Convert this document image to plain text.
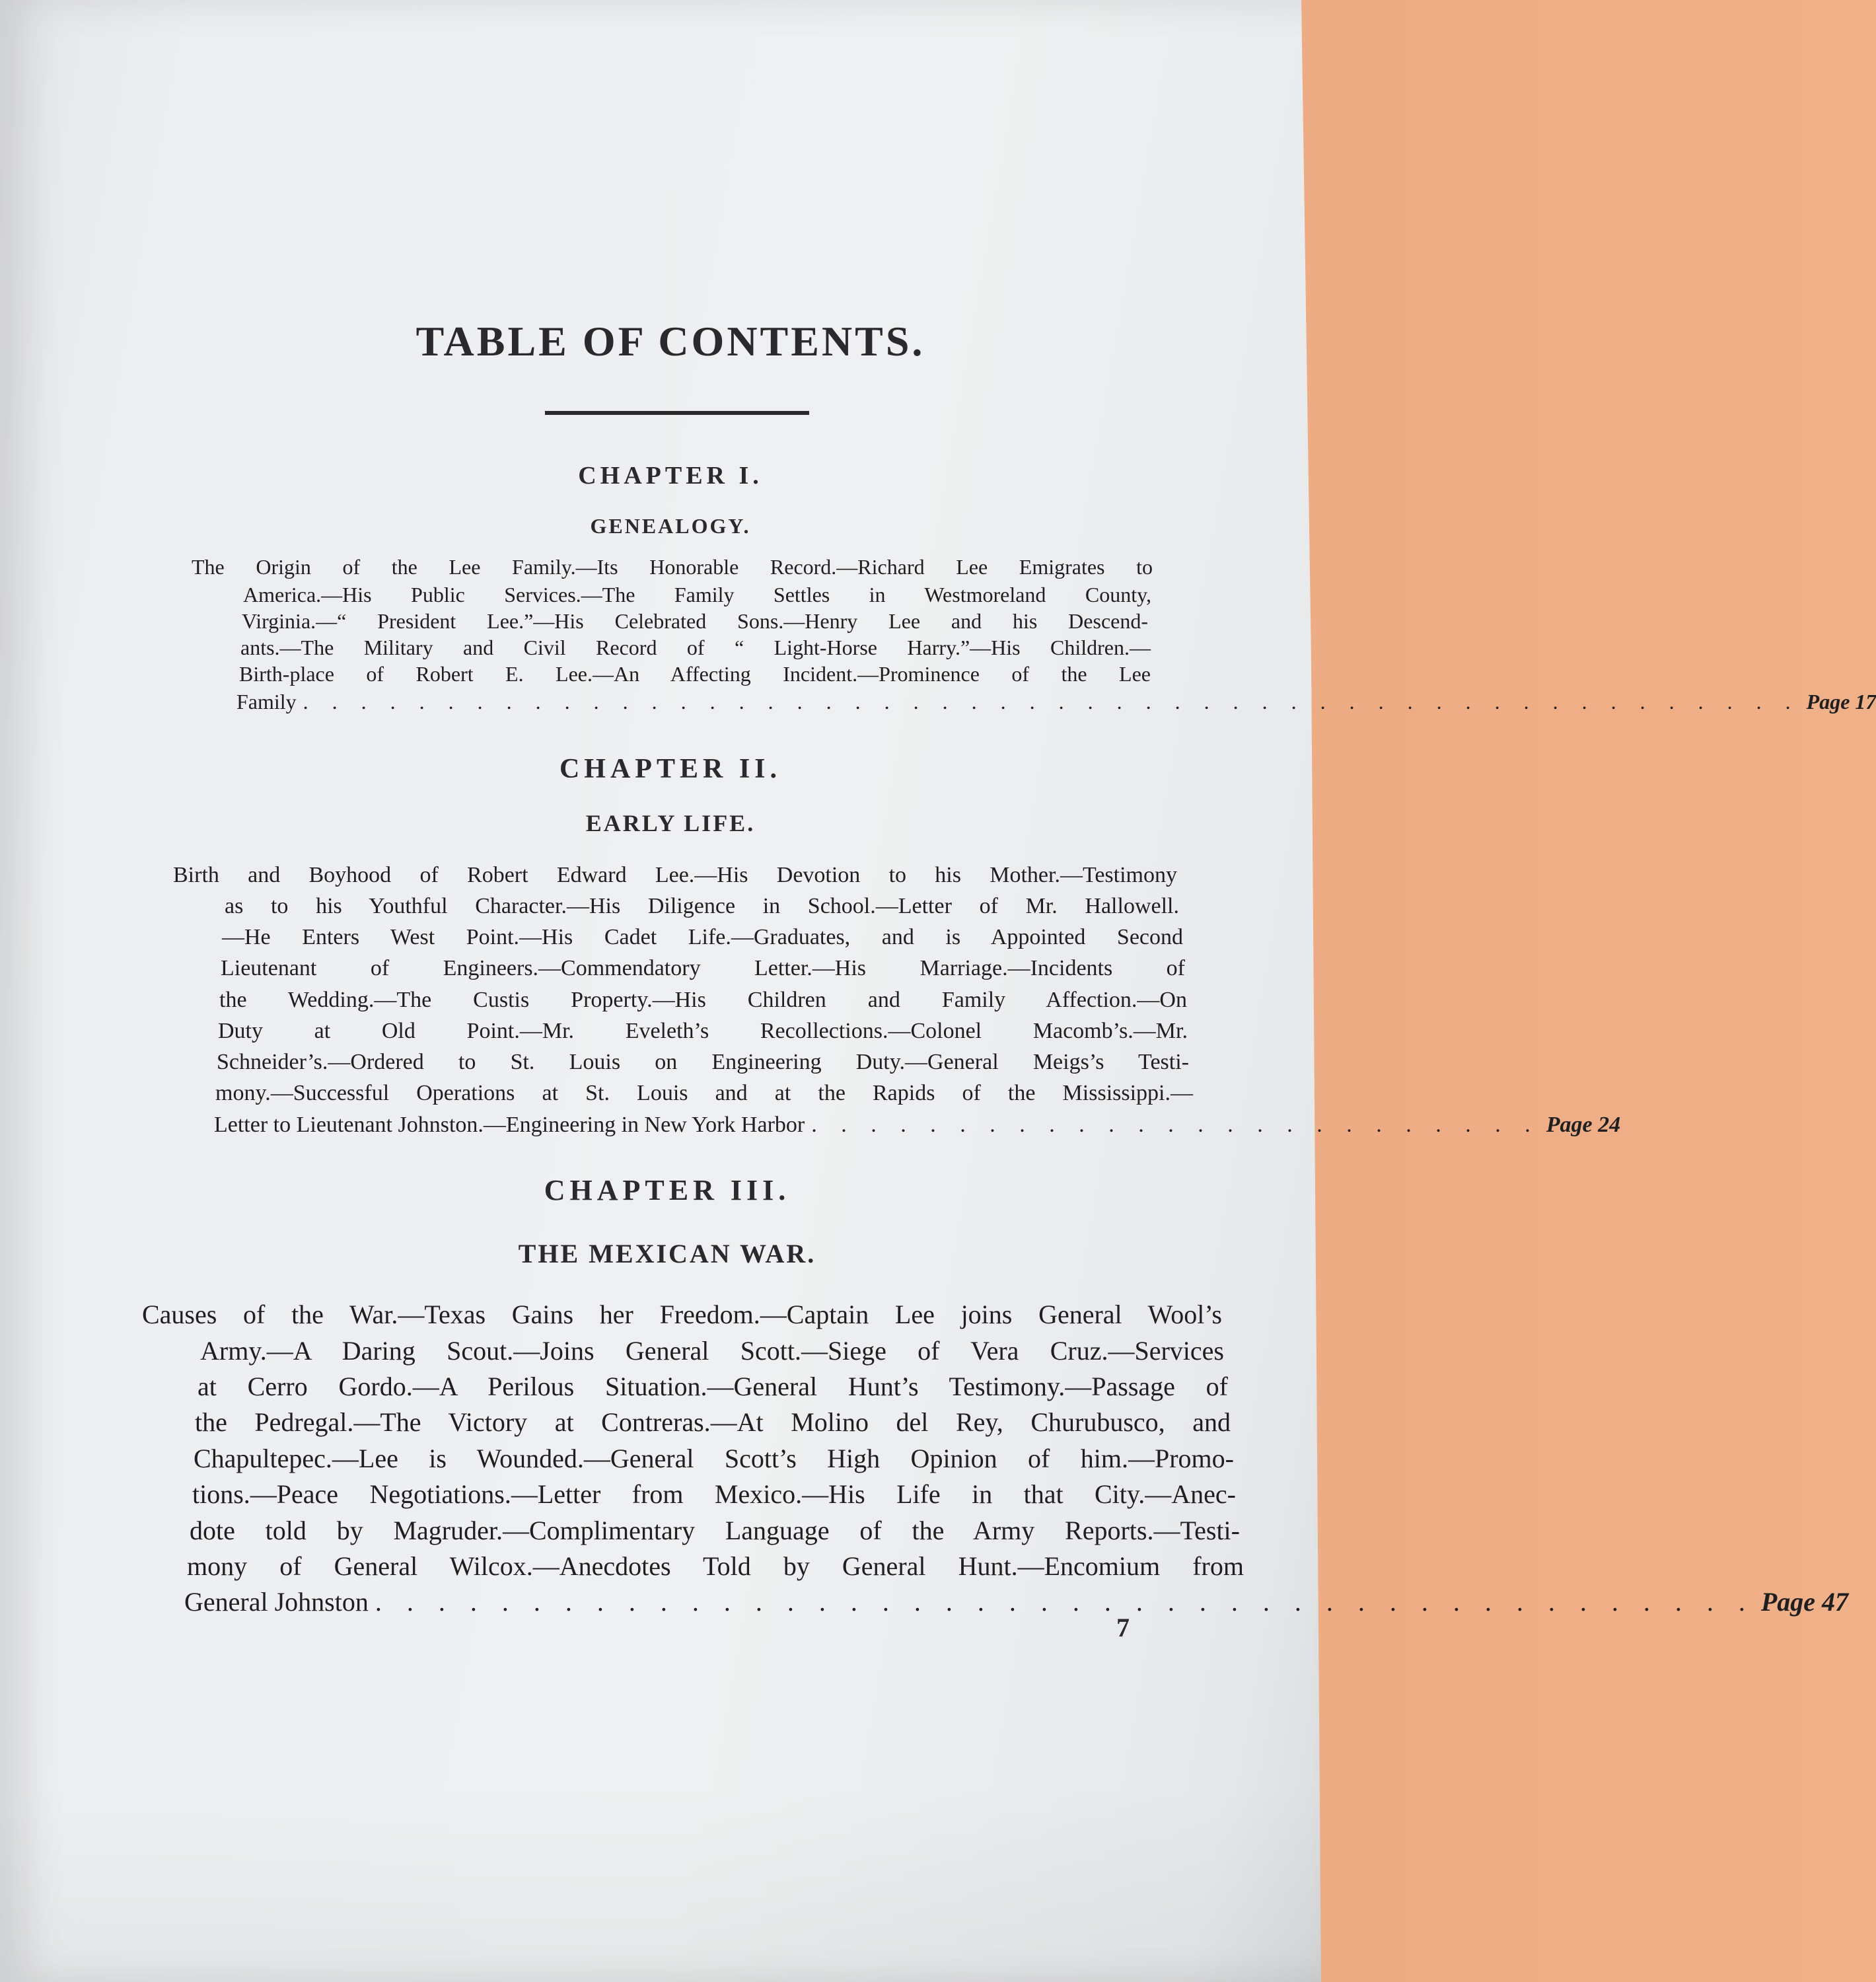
TABLE OF CONTENTS.
CHAPTER I.
GENEALOGY.
The Origin of the Lee Family.—Its Honorable Record.—Richard Lee Emigrates to
America.—His Public Services.—The Family Settles in Westmoreland County,
Virginia.—“ President Lee.”—His Celebrated Sons.—Henry Lee and his Descend-
ants.—The Military and Civil Record of “ Light-Horse Harry.”—His Children.—
Birth-place of Robert E. Lee.—An Affecting Incident.—Prominence of the Lee
Family . . . . . . . . . . . . . . . . . . . . . . . . . . . . . . . . . . . . . . . . . . . . . . . . . . . . Page 17
CHAPTER II.
EARLY LIFE.
Birth and Boyhood of Robert Edward Lee.—His Devotion to his Mother.—Testimony
as to his Youthful Character.—His Diligence in School.—Letter of Mr. Hallowell.
—He Enters West Point.—His Cadet Life.—Graduates, and is Appointed Second
Lieutenant of Engineers.—Commendatory Letter.—His Marriage.—Incidents of
the Wedding.—The Custis Property.—His Children and Family Affection.—On
Duty at Old Point.—Mr. Eveleth’s Recollections.—Colonel Macomb’s.—Mr.
Schneider’s.—Ordered to St. Louis on Engineering Duty.—General Meigs’s Testi-
mony.—Successful Operations at St. Louis and at the Rapids of the Mississippi.—
Letter to Lieutenant Johnston.—Engineering in New York Harbor . . . . . . . . . . . . . . . . . . . . . . . . . Page 24
CHAPTER III.
THE MEXICAN WAR.
Causes of the War.—Texas Gains her Freedom.—Captain Lee joins General Wool’s
Army.—A Daring Scout.—Joins General Scott.—Siege of Vera Cruz.—Services
at Cerro Gordo.—A Perilous Situation.—General Hunt’s Testimony.—Passage of
the Pedregal.—The Victory at Contreras.—At Molino del Rey, Churubusco, and
Chapultepec.—Lee is Wounded.—General Scott’s High Opinion of him.—Promo-
tions.—Peace Negotiations.—Letter from Mexico.—His Life in that City.—Anec-
dote told by Magruder.—Complimentary Language of the Army Reports.—Testi-
mony of General Wilcox.—Anecdotes Told by General Hunt.—Encomium from
General Johnston . . . . . . . . . . . . . . . . . . . . . . . . . . . . . . . . . . . . . . . . . . . . Page 47
7
